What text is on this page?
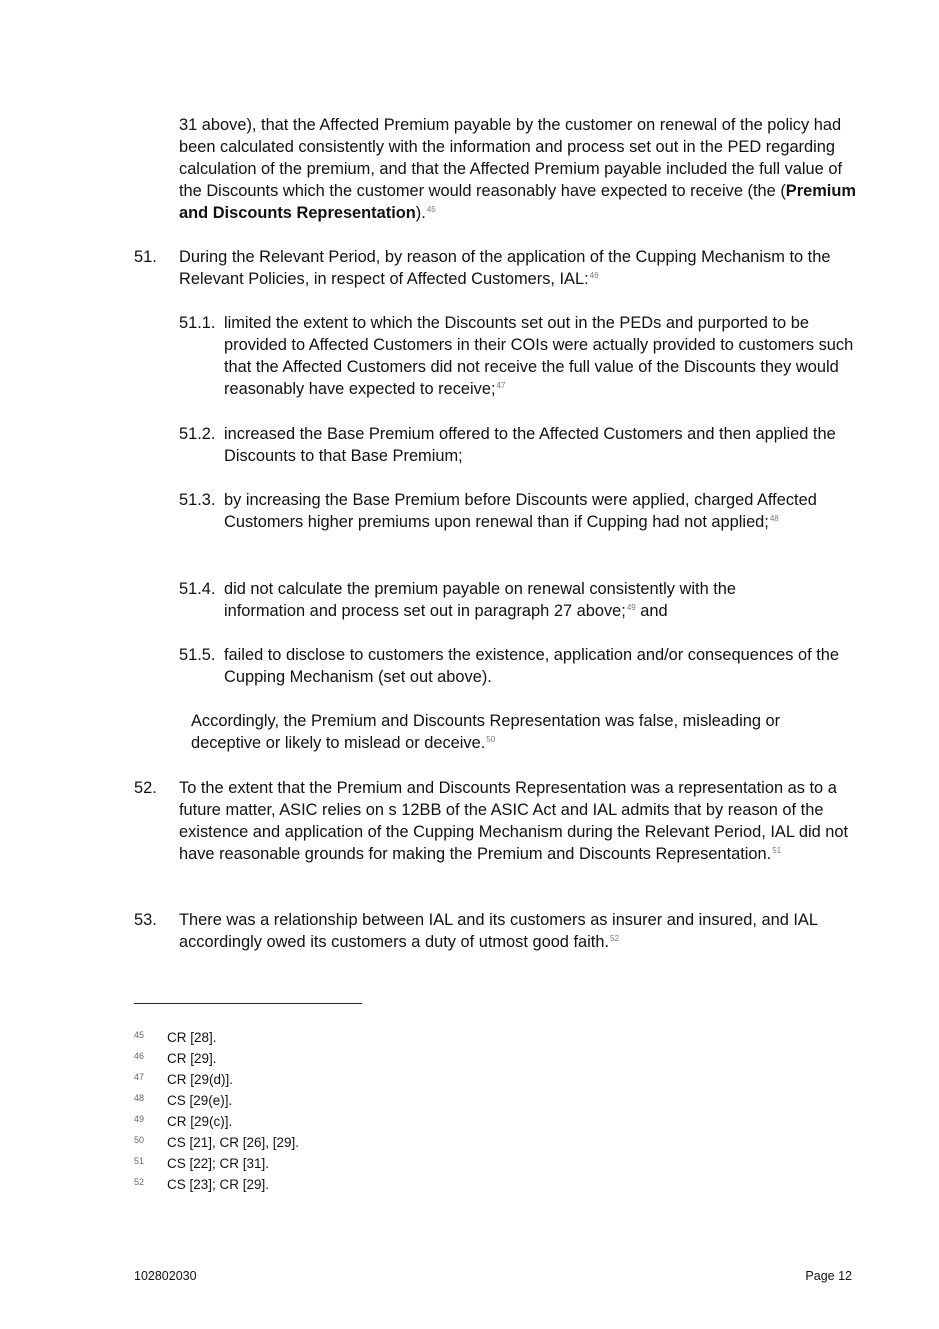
31 above), that the Affected Premium payable by the customer on renewal of the policy had been calculated consistently with the information and process set out in the PED regarding calculation of the premium, and that the Affected Premium payable included the full value of the Discounts which the customer would reasonably have expected to receive (the (Premium and Discounts Representation).$^{45}$
51. During the Relevant Period, by reason of the application of the Cupping Mechanism to the Relevant Policies, in respect of Affected Customers, IAL:$^{46}$
51.1. limited the extent to which the Discounts set out in the PEDs and purported to be provided to Affected Customers in their COIs were actually provided to customers such that the Affected Customers did not receive the full value of the Discounts they would reasonably have expected to receive;$^{47}$
51.2. increased the Base Premium offered to the Affected Customers and then applied the Discounts to that Base Premium;
51.3. by increasing the Base Premium before Discounts were applied, charged Affected Customers higher premiums upon renewal than if Cupping had not applied;$^{48}$
51.4. did not calculate the premium payable on renewal consistently with the information and process set out in paragraph 27 above;$^{49}$ and
51.5. failed to disclose to customers the existence, application and/or consequences of the Cupping Mechanism (set out above).
Accordingly, the Premium and Discounts Representation was false, misleading or deceptive or likely to mislead or deceive.$^{50}$
52. To the extent that the Premium and Discounts Representation was a representation as to a future matter, ASIC relies on s 12BB of the ASIC Act and IAL admits that by reason of the existence and application of the Cupping Mechanism during the Relevant Period, IAL did not have reasonable grounds for making the Premium and Discounts Representation.$^{51}$
53. There was a relationship between IAL and its customers as insurer and insured, and IAL accordingly owed its customers a duty of utmost good faith.$^{52}$
45 CR [28].
46 CR [29].
47 CR [29(d)].
48 CS [29(e)].
49 CR [29(c)].
50 CS [21], CR [26], [29].
51 CS [22]; CR [31].
52 CS [23]; CR [29].
102802030	Page 12
